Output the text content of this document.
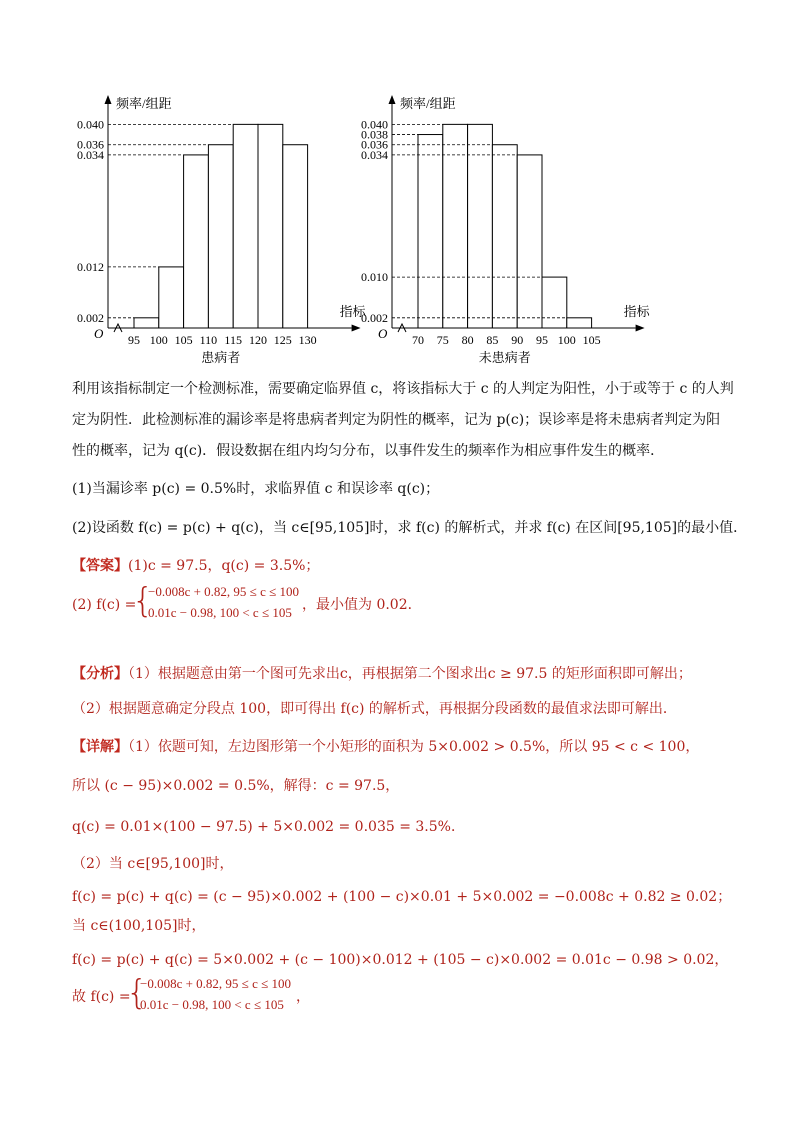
0.002
0.012
0.034
0.036
0.040
95 100 105 110 115 120 125 130
O
频率/组距
指标
患病者
0.002
0.010
0.034
0.036
0.038
0.040
70 75 80 85 90 95 100 105
O
频率/组距
指标
未患病者
利用该指标制定一个检测标准，需要确定临界值 c，将该指标大于 c 的人判定为阳性，小于或等于 c 的人判
定为阴性．此检测标准的漏诊率是将患病者判定为阴性的概率，记为 p(c)；误诊率是将未患病者判定为阳
性的概率，记为 q(c)．假设数据在组内均匀分布，以事件发生的频率作为相应事件发生的概率．
(1)当漏诊率 p(c) = 0.5%时，求临界值 c 和误诊率 q(c)；
(2)设函数 f(c) = p(c) + q(c)，当 c∈[95,105]时，求 f(c) 的解析式，并求 f(c) 在区间[95,105]的最小值．
【答案】(1)c = 97.5，q(c) = 3.5%；
(2) f(c) =
{
−0.008c + 0.82, 95 ≤ c ≤ 100
0.01c − 0.98, 100 < c ≤ 105 ，最小值为 0.02．
【分析】（1）根据题意由第一个图可先求出c，再根据第二个图求出c ≥ 97.5 的矩形面积即可解出；
（2）根据题意确定分段点 100，即可得出 f(c) 的解析式，再根据分段函数的最值求法即可解出．
【详解】（1）依题可知，左边图形第一个小矩形的面积为 5×0.002 > 0.5%，所以 95 < c < 100，
所以 (c − 95)×0.002 = 0.5%，解得：c = 97.5，
q(c) = 0.01×(100 − 97.5) + 5×0.002 = 0.035 = 3.5%．
（2）当 c∈[95,100]时，
f(c) = p(c) + q(c) = (c − 95)×0.002 + (100 − c)×0.01 + 5×0.002 = −0.008c + 0.82 ≥ 0.02；
当 c∈(100,105]时，
f(c) = p(c) + q(c) = 5×0.002 + (c − 100)×0.012 + (105 − c)×0.002 = 0.01c − 0.98 > 0.02，
故 f(c) =
{
−0.008c + 0.82, 95 ≤ c ≤ 100
0.01c − 0.98, 100 < c ≤ 105 ，
